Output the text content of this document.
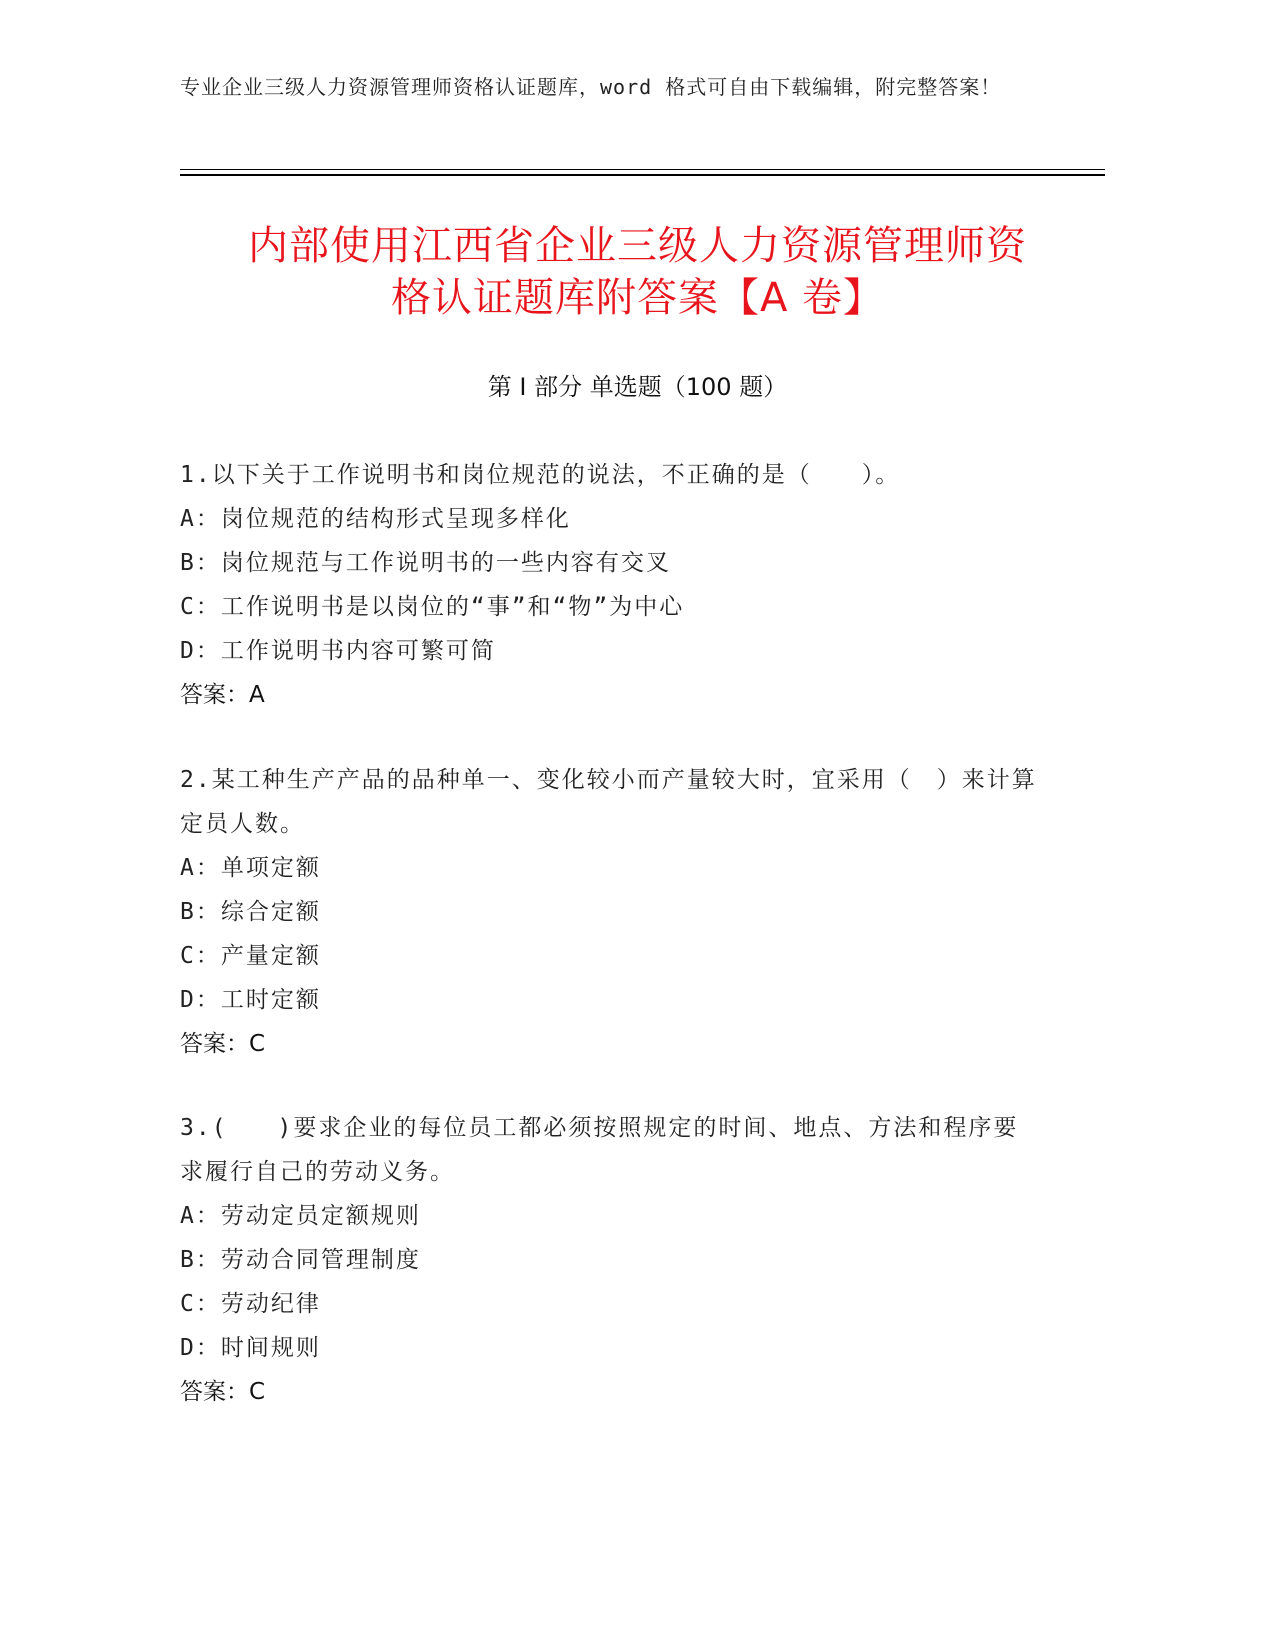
专业企业三级人力资源管理师资格认证题库，word 格式可自由下载编辑，附完整答案！
内部使用江西省企业三级人力资源管理师资
格认证题库附答案【A 卷】
第 I 部分 单选题（100 题）
1.以下关于工作说明书和岗位规范的说法，不正确的是（　　）。
A：岗位规范的结构形式呈现多样化
B：岗位规范与工作说明书的一些内容有交叉
C：工作说明书是以岗位的“事”和“物”为中心
D：工作说明书内容可繁可简
答案：A
2.某工种生产产品的品种单一、变化较小而产量较大时，宜采用（　）来计算定员人数。
A：单项定额
B：综合定额
C：产量定额
D：工时定额
答案：C
3.(　　)要求企业的每位员工都必须按照规定的时间、地点、方法和程序要求履行自己的劳动义务。
A：劳动定员定额规则
B：劳动合同管理制度
C：劳动纪律
D：时间规则
答案：C
